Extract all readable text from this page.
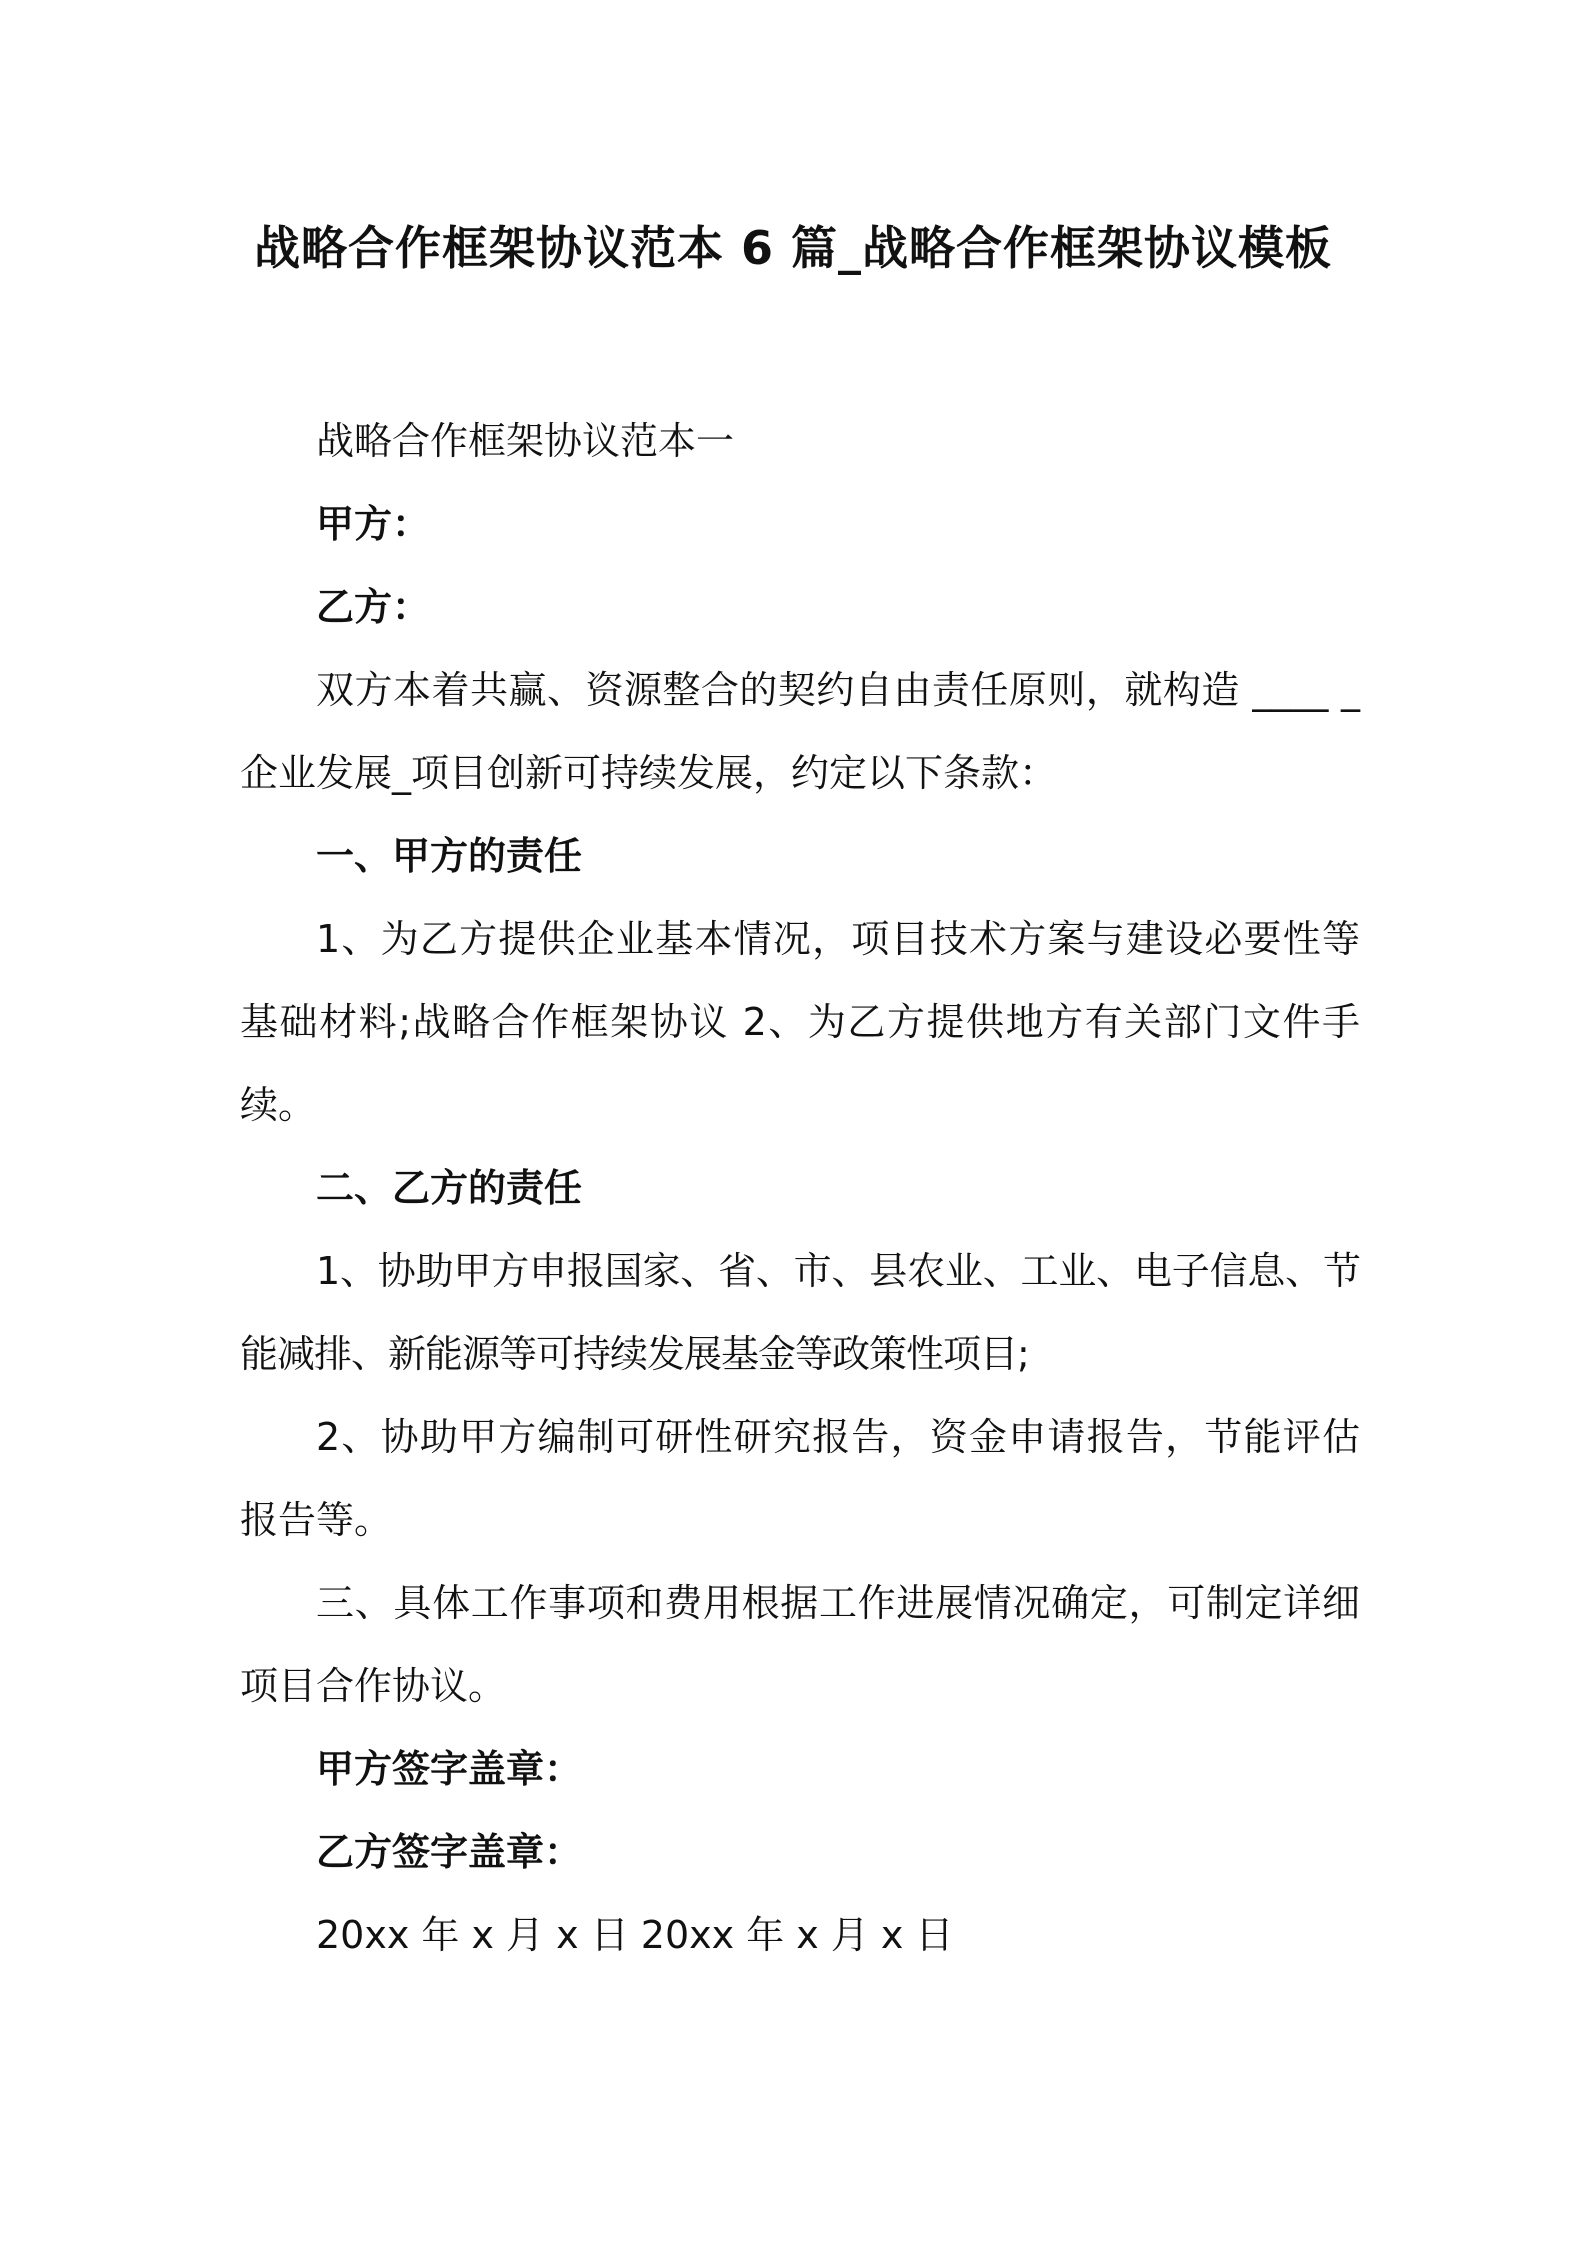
战略合作框架协议范本 6 篇_战略合作框架协议模板

战略合作框架协议范本一

甲方：

乙方：

双方本着共赢、资源整合的契约自由责任原则，就构造 ____ _企业发展_项目创新可持续发展，约定以下条款：

一、甲方的责任

1、为乙方提供企业基本情况，项目技术方案与建设必要性等基础材料;战略合作框架协议 2、为乙方提供地方有关部门文件手续。

二、乙方的责任

1、协助甲方申报国家、省、市、县农业、工业、电子信息、节能减排、新能源等可持续发展基金等政策性项目;

2、协助甲方编制可研性研究报告，资金申请报告，节能评估报告等。

三、具体工作事项和费用根据工作进展情况确定，可制定详细项目合作协议。

甲方签字盖章：

乙方签字盖章：

20xx 年 x 月 x 日 20xx 年 x 月 x 日
